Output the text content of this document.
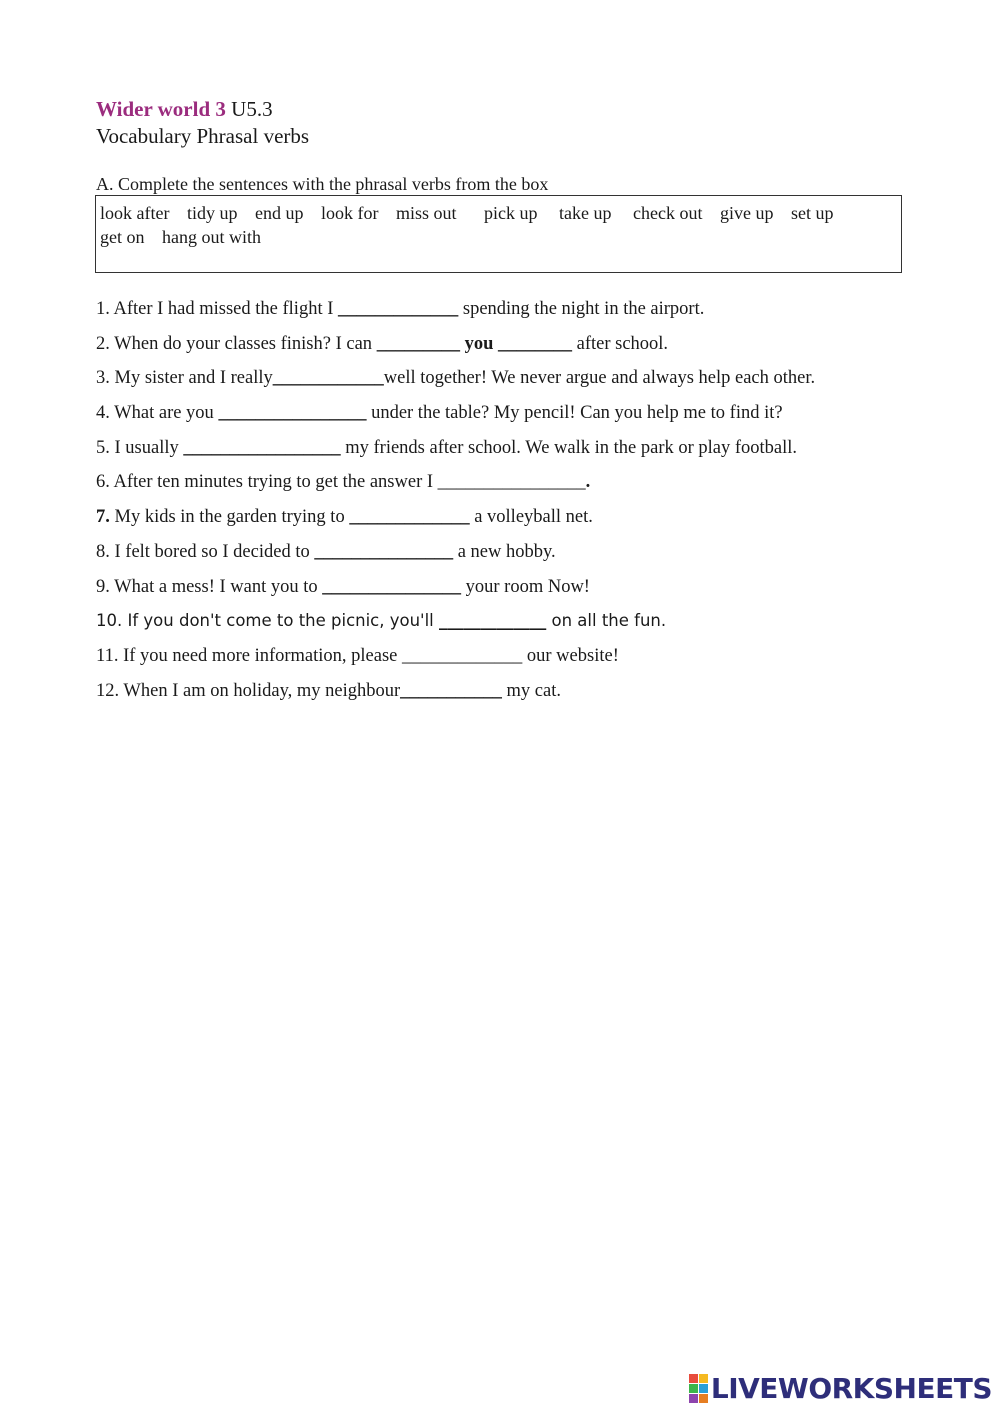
Wider world 3 U5.3
Vocabulary Phrasal verbs
A. Complete the sentences with the phrasal verbs from the box
look after tidy up end up look for miss out pick up take up check out give up set up
get on hang out with
1. After I had missed the flight I _____________ spending the night in the airport.
2. When do your classes finish? I can _________ you ________ after school.
3. My sister and I really____________well together! We never argue and always help each other.
4. What are you ________________ under the table? My pencil! Can you help me to find it?
5. I usually _________________ my friends after school. We walk in the park or play football.
6. After ten minutes trying to get the answer I ________________.
7. My kids in the garden trying to _____________ a volleyball net.
8. I felt bored so I decided to _______________ a new hobby.
9. What a mess! I want you to _______________ your room Now!
10. If you don't come to the picnic, you'll _____________ on all the fun.
11. If you need more information, please _____________ our website!
12. When I am on holiday, my neighbour___________ my cat.
LIVEWORKSHEETS
